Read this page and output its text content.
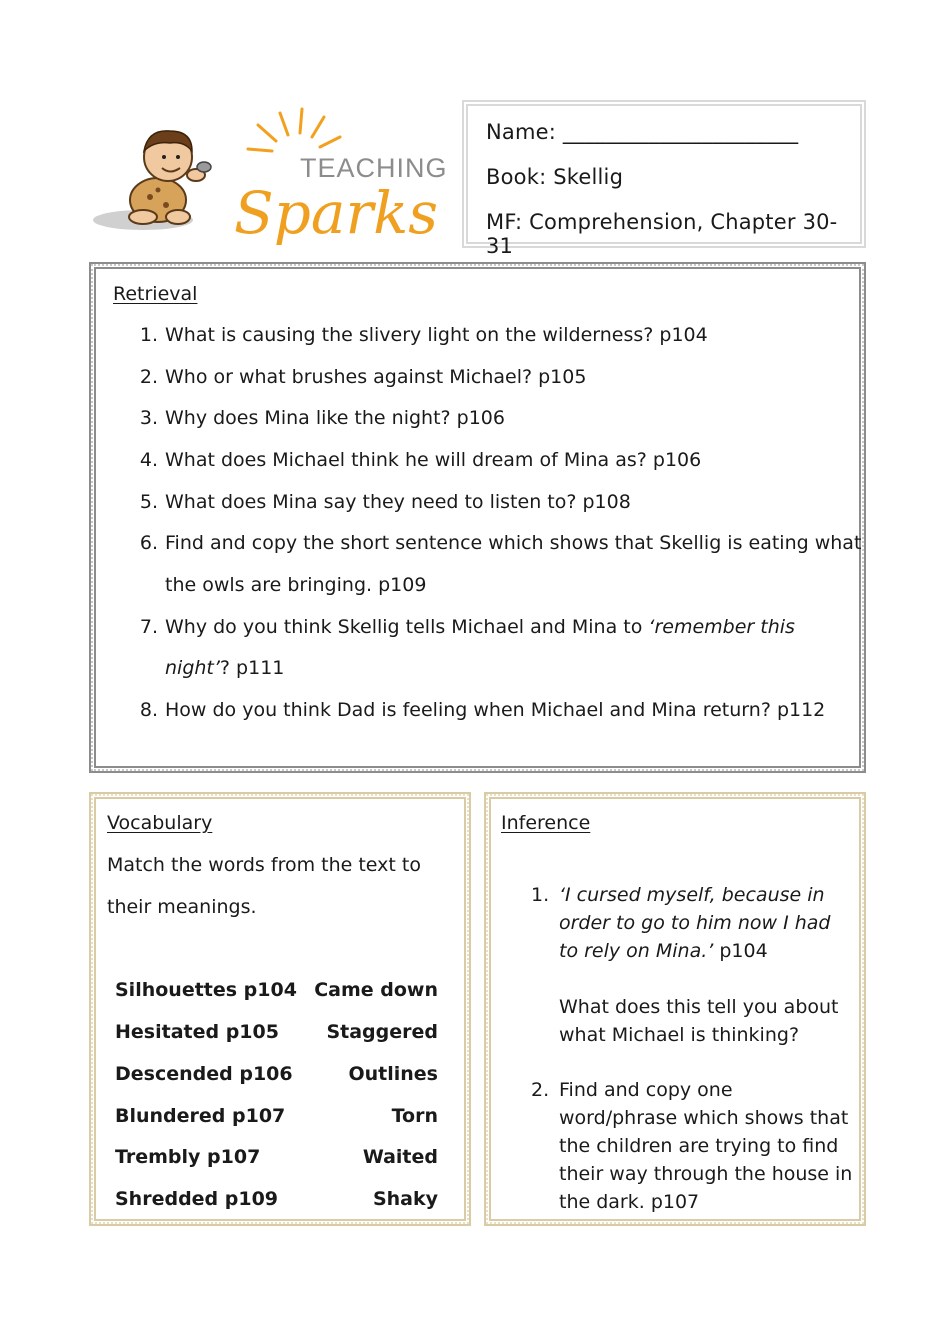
TEACHING
Sparks
Name: ______________________
Book: Skellig
MF: Comprehension, Chapter 30-31
Retrieval
1. What is causing the slivery light on the wilderness? p104
2. Who or what brushes against Michael? p105
3. Why does Mina like the night? p106
4. What does Michael think he will dream of Mina as? p106
5. What does Mina say they need to listen to? p108
6. Find and copy the short sentence which shows that Skellig is eating what
the owls are bringing. p109
7. Why do you think Skellig tells Michael and Mina to ‘remember this
night’? p111
8. How do you think Dad is feeling when Michael and Mina return? p112
Vocabulary
Match the words from the text to
their meanings.
Silhouettes p104
Hesitated p105
Descended p106
Blundered p107
Trembly p107
Shredded p109
Came down
Staggered
Outlines
Torn
Waited
Shaky
Inference
1. ‘I cursed myself, because in
order to go to him now I had
to rely on Mina.’ p104
What does this tell you about
what Michael is thinking?
2. Find and copy one
word/phrase which shows that
the children are trying to find
their way through the house in
the dark. p107
